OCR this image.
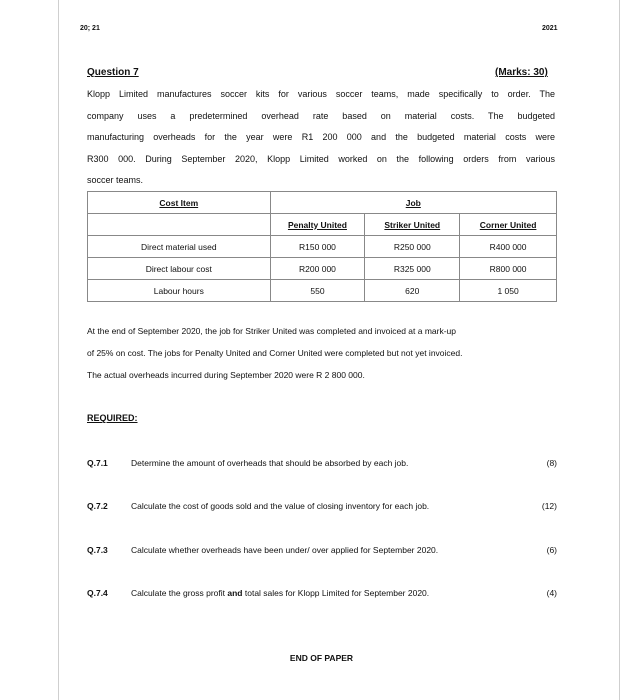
20; 21	2021
Question 7	(Marks: 30)
Klopp Limited manufactures soccer kits for various soccer teams, made specifically to order. The
company uses a predetermined overhead rate based on material costs. The budgeted
manufacturing overheads for the year were R1 200 000 and the budgeted material costs were
R300 000. During September 2020, Klopp Limited worked on the following orders from various
soccer teams.
Cost Item	Job		
	Penalty United	Striker United	Corner United
Direct material used	R150 000	R250 000	R400 000
Direct labour cost	R200 000	R325 000	R800 000
Labour hours	550	620	1 050
At the end of September 2020, the job for Striker United was completed and invoiced at a mark-up
of 25% on cost. The jobs for Penalty United and Corner United were completed but not yet invoiced.
The actual overheads incurred during September 2020 were R 2 800 000.
REQUIRED:
Q.7.1	Determine the amount of overheads that should be absorbed by each job.	(8)
Q.7.2	Calculate the cost of goods sold and the value of closing inventory for each job.	(12)
Q.7.3	Calculate whether overheads have been under/ over applied for September 2020.	(6)
Q.7.4	Calculate the gross profit and total sales for Klopp Limited for September 2020.	(4)
END OF PAPER
